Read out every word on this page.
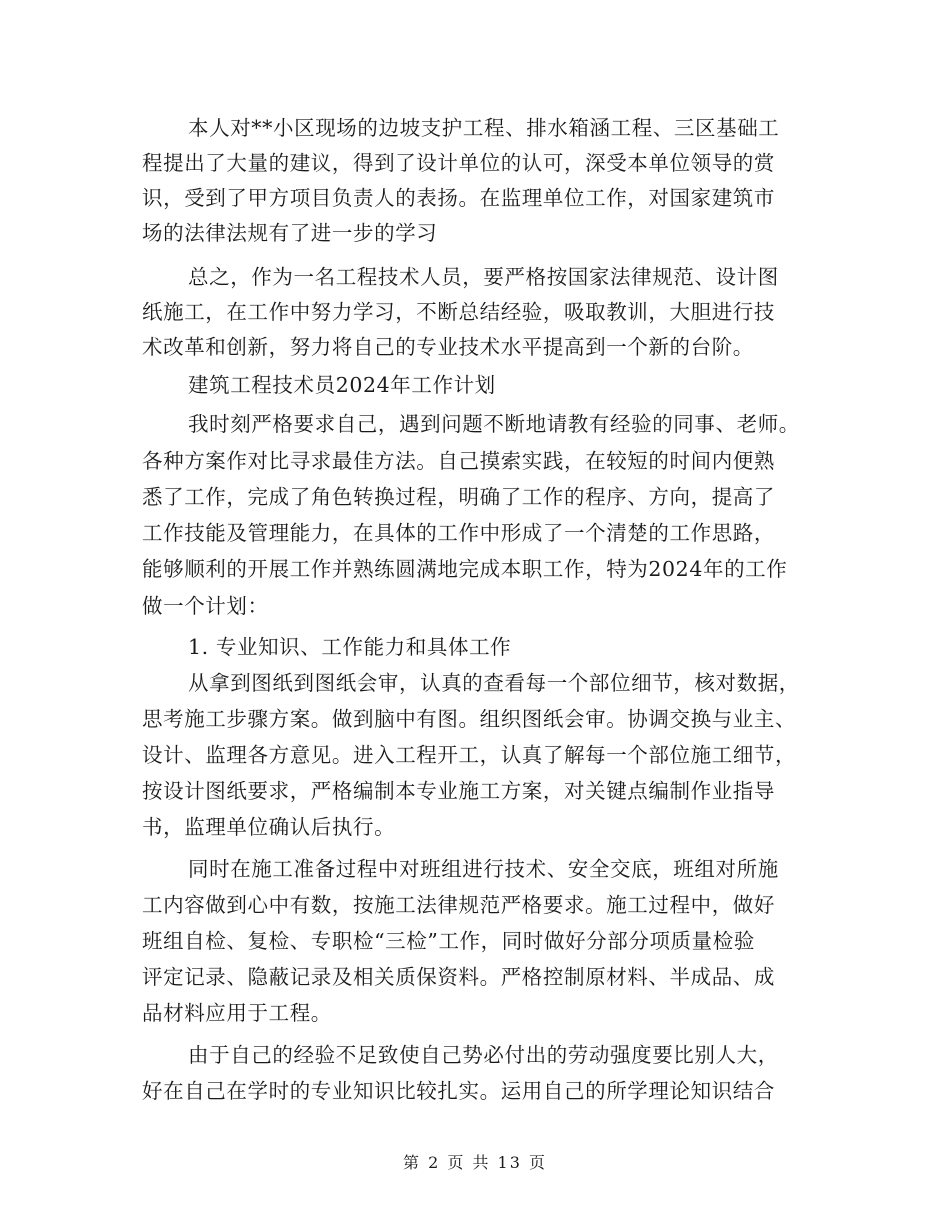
本人对**小区现场的边坡支护工程、排水箱涵工程、三区基础工
程提出了大量的建议，得到了设计单位的认可，深受本单位领导的赏
识，受到了甲方项目负责人的表扬。在监理单位工作，对国家建筑市
场的法律法规有了进一步的学习
总之，作为一名工程技术人员，要严格按国家法律规范、设计图
纸施工，在工作中努力学习，不断总结经验，吸取教训，大胆进行技
术改革和创新，努力将自己的专业技术水平提高到一个新的台阶。
建筑工程技术员2024年工作计划
我时刻严格要求自己，遇到问题不断地请教有经验的同事、老师。
各种方案作对比寻求最佳方法。自己摸索实践，在较短的时间内便熟
悉了工作，完成了角色转换过程，明确了工作的程序、方向，提高了
工作技能及管理能力，在具体的工作中形成了一个清楚的工作思路，
能够顺利的开展工作并熟练圆满地完成本职工作，特为2024年的工作
做一个计划：
1. 专业知识、工作能力和具体工作
从拿到图纸到图纸会审，认真的查看每一个部位细节，核对数据，
思考施工步骤方案。做到脑中有图。组织图纸会审。协调交换与业主、
设计、监理各方意见。进入工程开工，认真了解每一个部位施工细节，
按设计图纸要求，严格编制本专业施工方案，对关键点编制作业指导
书，监理单位确认后执行。
同时在施工准备过程中对班组进行技术、安全交底，班组对所施
工内容做到心中有数，按施工法律规范严格要求。施工过程中，做好
班组自检、复检、专职检“三检”工作，同时做好分部分项质量检验
评定记录、隐蔽记录及相关质保资料。严格控制原材料、半成品、成
品材料应用于工程。
由于自己的经验不足致使自己势必付出的劳动强度要比别人大，
好在自己在学时的专业知识比较扎实。运用自己的所学理论知识结合
第 2 页 共 13 页
